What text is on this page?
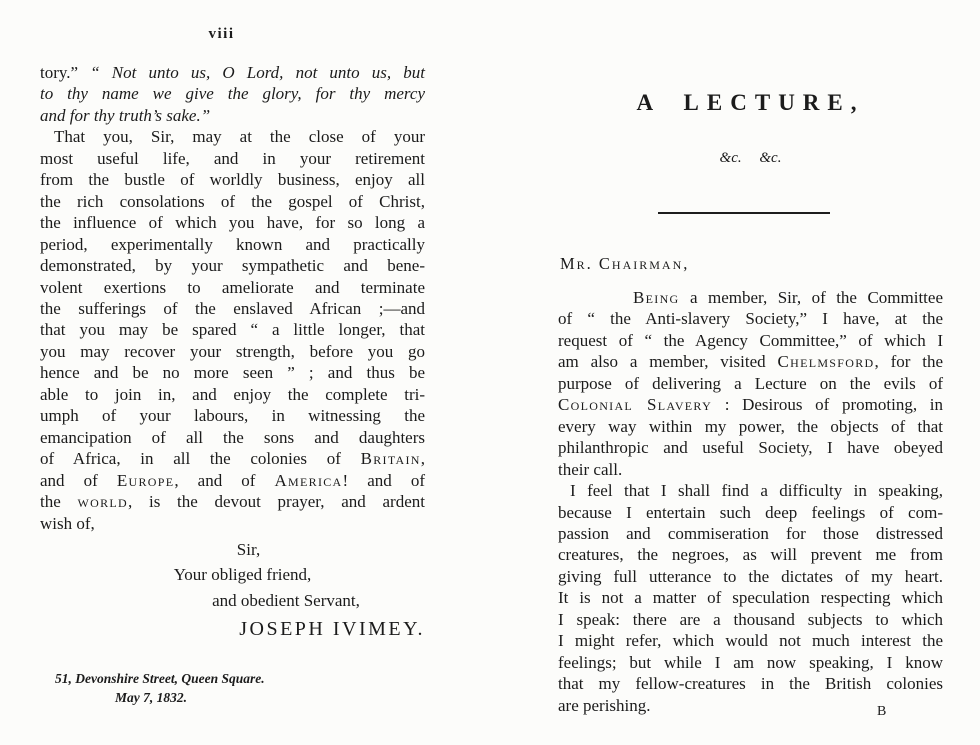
viii
tory.” “ Not unto us, O Lord, not unto us, but
to thy name we give the glory, for thy mercy
and for thy truth’s sake.”
That you, Sir, may at the close of your
most useful life, and in your retirement
from the bustle of worldly business, enjoy all
the rich consolations of the gospel of Christ,
the influence of which you have, for so long a
period, experimentally known and practically
demonstrated, by your sympathetic and bene-
volent exertions to ameliorate and terminate
the sufferings of the enslaved African ;—and
that you may be spared “ a little longer, that
you may recover your strength, before you go
hence and be no more seen ” ; and thus be
able to join in, and enjoy the complete tri-
umph of your labours, in witnessing the
emancipation of all the sons and daughters
of Africa, in all the colonies of Britain,
and of Europe, and of America! and of
the world, is the devout prayer, and ardent
wish of,
Sir,
Your obliged friend,
and obedient Servant,
JOSEPH IVIMEY.
51, Devonshire Street, Queen Square.
May 7, 1832.
A LECTURE,
&c. &c.
Mr. Chairman,
Being a member, Sir, of the Committee
of “ the Anti-slavery Society,” I have, at the
request of “ the Agency Committee,” of which I
am also a member, visited Chelmsford, for the
purpose of delivering a Lecture on the evils of
Colonial Slavery : Desirous of promoting, in
every way within my power, the objects of that
philanthropic and useful Society, I have obeyed
their call.
I feel that I shall find a difficulty in speaking,
because I entertain such deep feelings of com-
passion and commiseration for those distressed
creatures, the negroes, as will prevent me from
giving full utterance to the dictates of my heart.
It is not a matter of speculation respecting which
I speak: there are a thousand subjects to which
I might refer, which would not much interest the
feelings; but while I am now speaking, I know
that my fellow-creatures in the British colonies
are perishing.	B
